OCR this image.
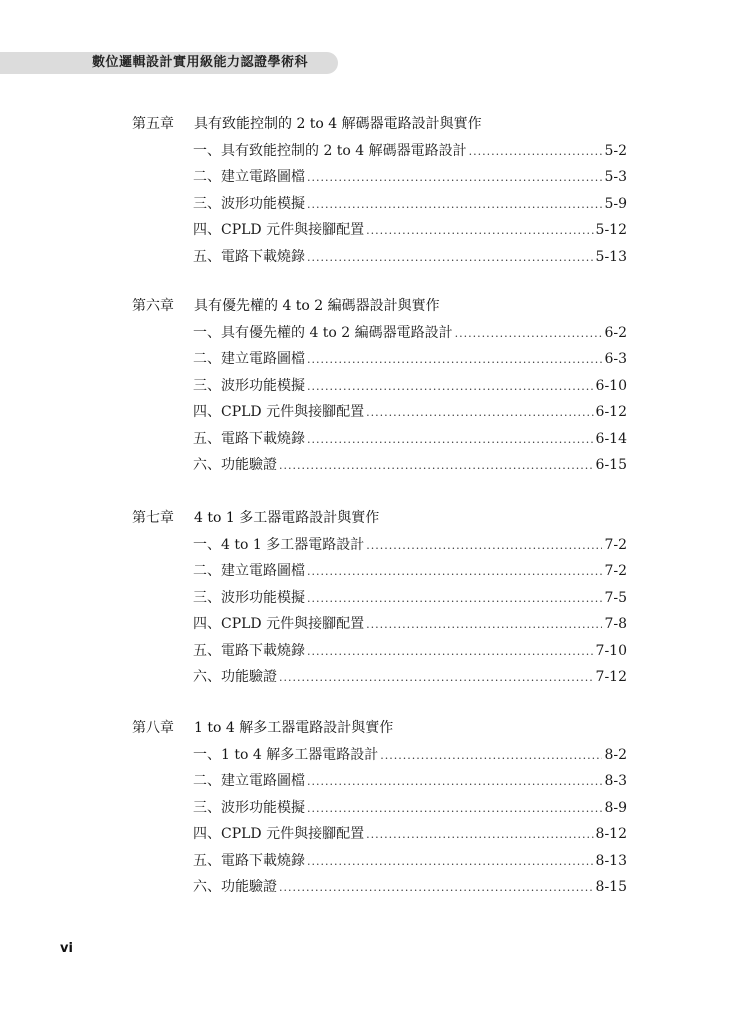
數位邏輯設計實用級能力認證學術科
第五章 具有致能控制的 2 to 4 解碼器電路設計與實作
一、具有致能控制的 2 to 4 解碼器電路設計 .....	5-2
二、建立電路圖檔 .....	5-3
三、波形功能模擬 .....	5-9
四、CPLD 元件與接腳配置 .....	5-12
五、電路下載燒錄 .....	5-13
第六章 具有優先權的 4 to 2 編碼器設計與實作
一、具有優先權的 4 to 2 編碼器電路設計 .....	6-2
二、建立電路圖檔 .....	6-3
三、波形功能模擬 .....	6-10
四、CPLD 元件與接腳配置 .....	6-12
五、電路下載燒錄 .....	6-14
六、功能驗證 .....	6-15
第七章 4 to 1 多工器電路設計與實作
一、4 to 1 多工器電路設計 .....	7-2
二、建立電路圖檔 .....	7-2
三、波形功能模擬 .....	7-5
四、CPLD 元件與接腳配置 .....	7-8
五、電路下載燒錄 .....	7-10
六、功能驗證 .....	7-12
第八章 1 to 4 解多工器電路設計與實作
一、1 to 4 解多工器電路設計 .....	8-2
二、建立電路圖檔 .....	8-3
三、波形功能模擬 .....	8-9
四、CPLD 元件與接腳配置 .....	8-12
五、電路下載燒錄 .....	8-13
六、功能驗證 .....	8-15
vi
